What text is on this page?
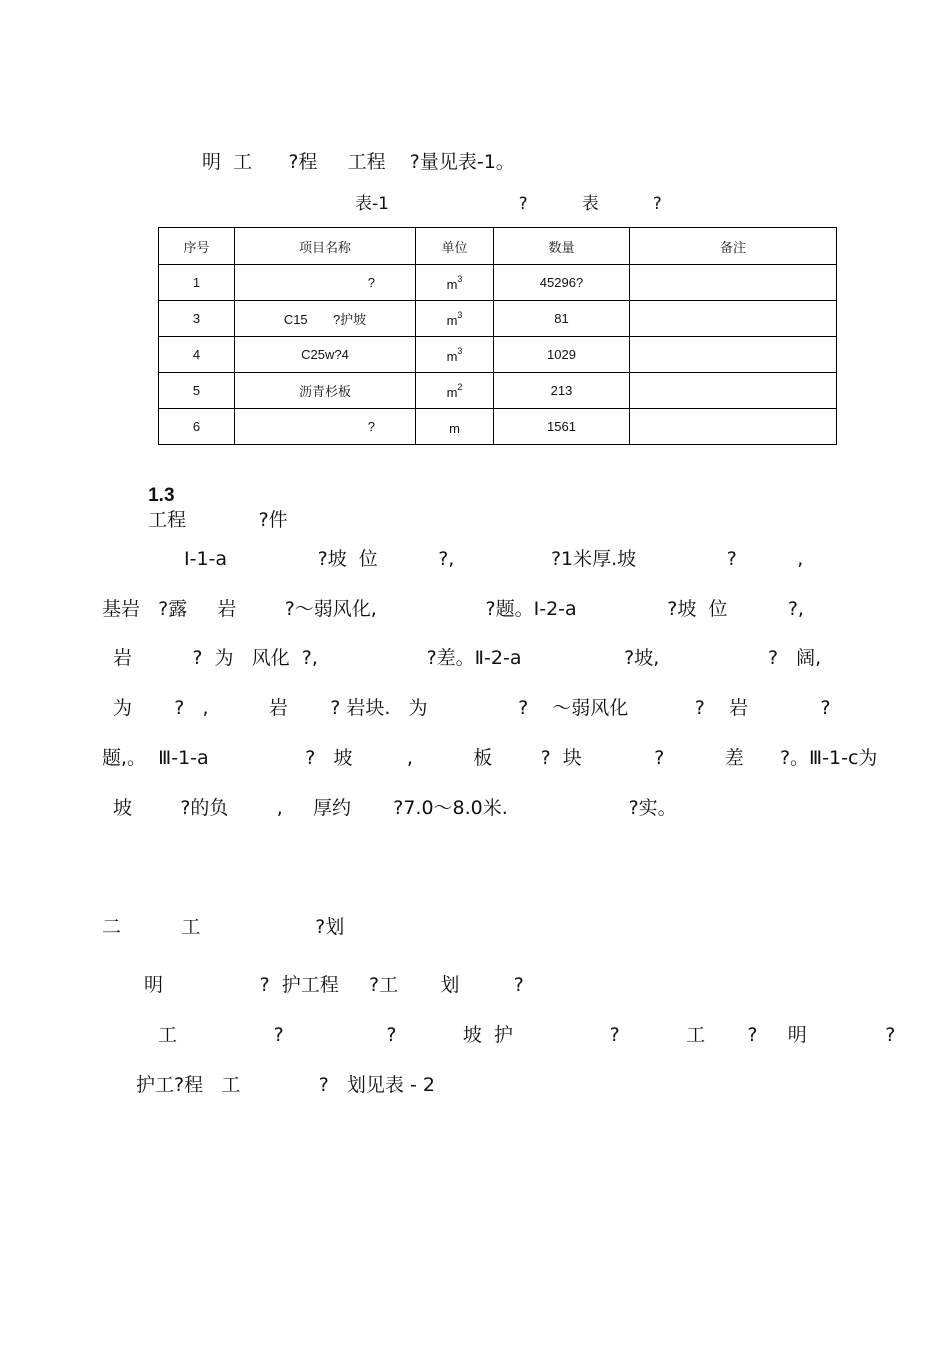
明  工      ?程     工程    ?量见表-1。
表-1                        ?          表          ?
序号	项目名称	单位	数量	备注
1	?	$m^3$	45296?	
3	C15       ?护坡	$m^3$	81	
4	C25w?4	$m^3$	1029	
5	沥青杉板	$m^2$	213	
6	?	m	1561	

1.3
工程            ?件

Ⅰ-1-a               ?坡  位          ?,                ?1米厚.坡               ?          ,
基岩   ?露     岩        ?～弱风化,                  ?题。Ⅰ-2-a               ?坡  位          ?,
岩          ?  为   风化  ?,                  ?差。Ⅱ-2-a                 ?坡,                  ?   阔,
为       ?   ,          岩       ? 岩块.   为               ?    ～弱风化           ?    岩            ?
题,。  Ⅲ-1-a                ?   坡         ,          板        ?  块            ?          差      ?。Ⅲ-1-c为
坡        ?的负        ,     厚约       ?7.0～8.0米.                    ?实。
二          工                   ?划
明                ?  护工程     ?工       划         ?
工                ?                 ?           坡  护                ?           工       ?     明             ?
护工?程   工             ?   划见表 - 2
